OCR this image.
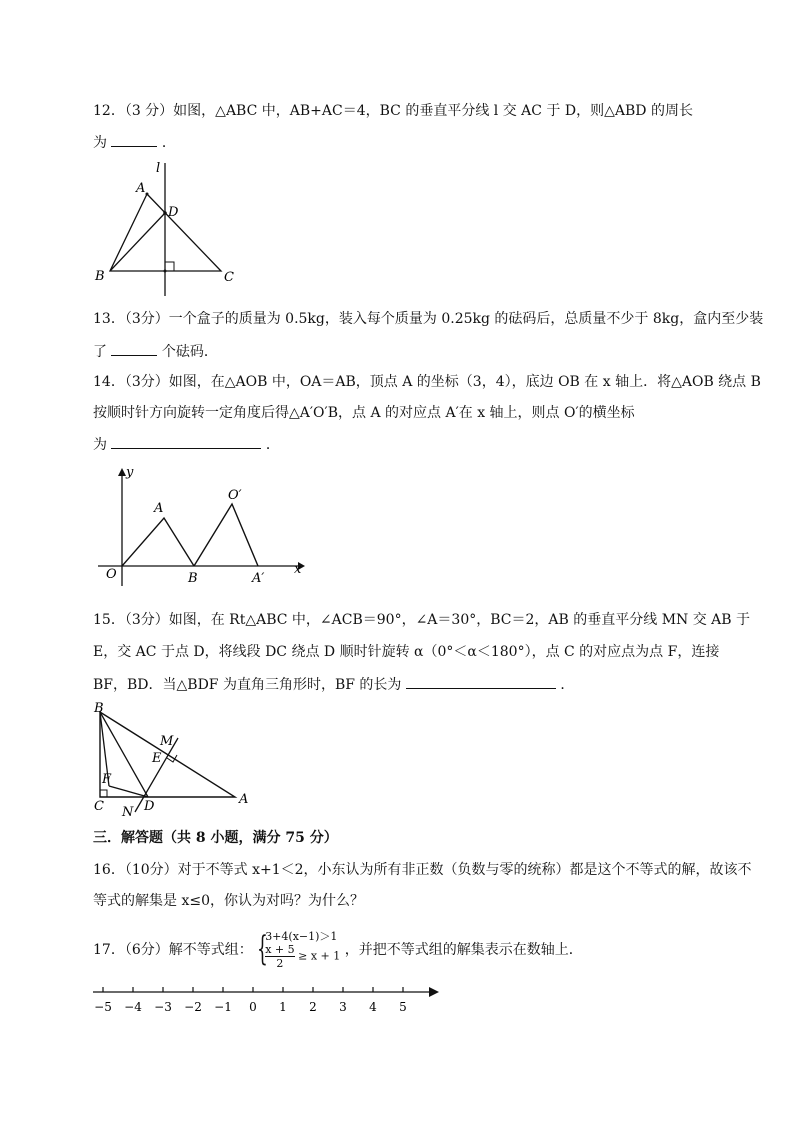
12．（3 分）如图，△ABC 中，AB+AC＝4，BC 的垂直平分线 l 交 AC 于 D，则△ABD 的周长
为	．
l
A
D
B	C
13．（3分）一个盒子的质量为 0.5kg，装入每个质量为 0.25kg 的砝码后，总质量不少于 8kg，盒内至少装
了	个砝码．
14．（3分）如图，在△AOB 中，OA＝AB，顶点 A 的坐标（3，4），底边 OB 在 x 轴上．将△AOB 绕点 B
按顺时针方向旋转一定角度后得△A′O′B，点 A 的对应点 A′在 x 轴上，则点 O′的横坐标
为	．
y
x
O
A
B
O′
A′
15．（3分）如图，在 Rt△ABC 中，∠ACB＝90°，∠A＝30°，BC＝2，AB 的垂直平分线 MN 交 AB 于
E，交 AC 于点 D，将线段 DC 绕点 D 顺时针旋转 α（0°＜α＜180°），点 C 的对应点为点 F，连接
BF，BD．当△BDF 为直角三角形时，BF 的长为	．
B
M
E
F
C N D	A
三．解答题（共 8 小题，满分 75 分）
16．（10分）对于不等式 x+1＜2，小东认为所有非正数（负数与零的统称）都是这个不等式的解，故该不
等式的解集是 x≤0，你认为对吗？为什么？
17．（6分）解不等式组： {
3+4(x−1)＞1
$\frac{x + 5}{2} \ge x + 1$ ，并把不等式组的解集表示在数轴上．
−5 −4 −3 −2 −1 0 1 2 3 4 5
